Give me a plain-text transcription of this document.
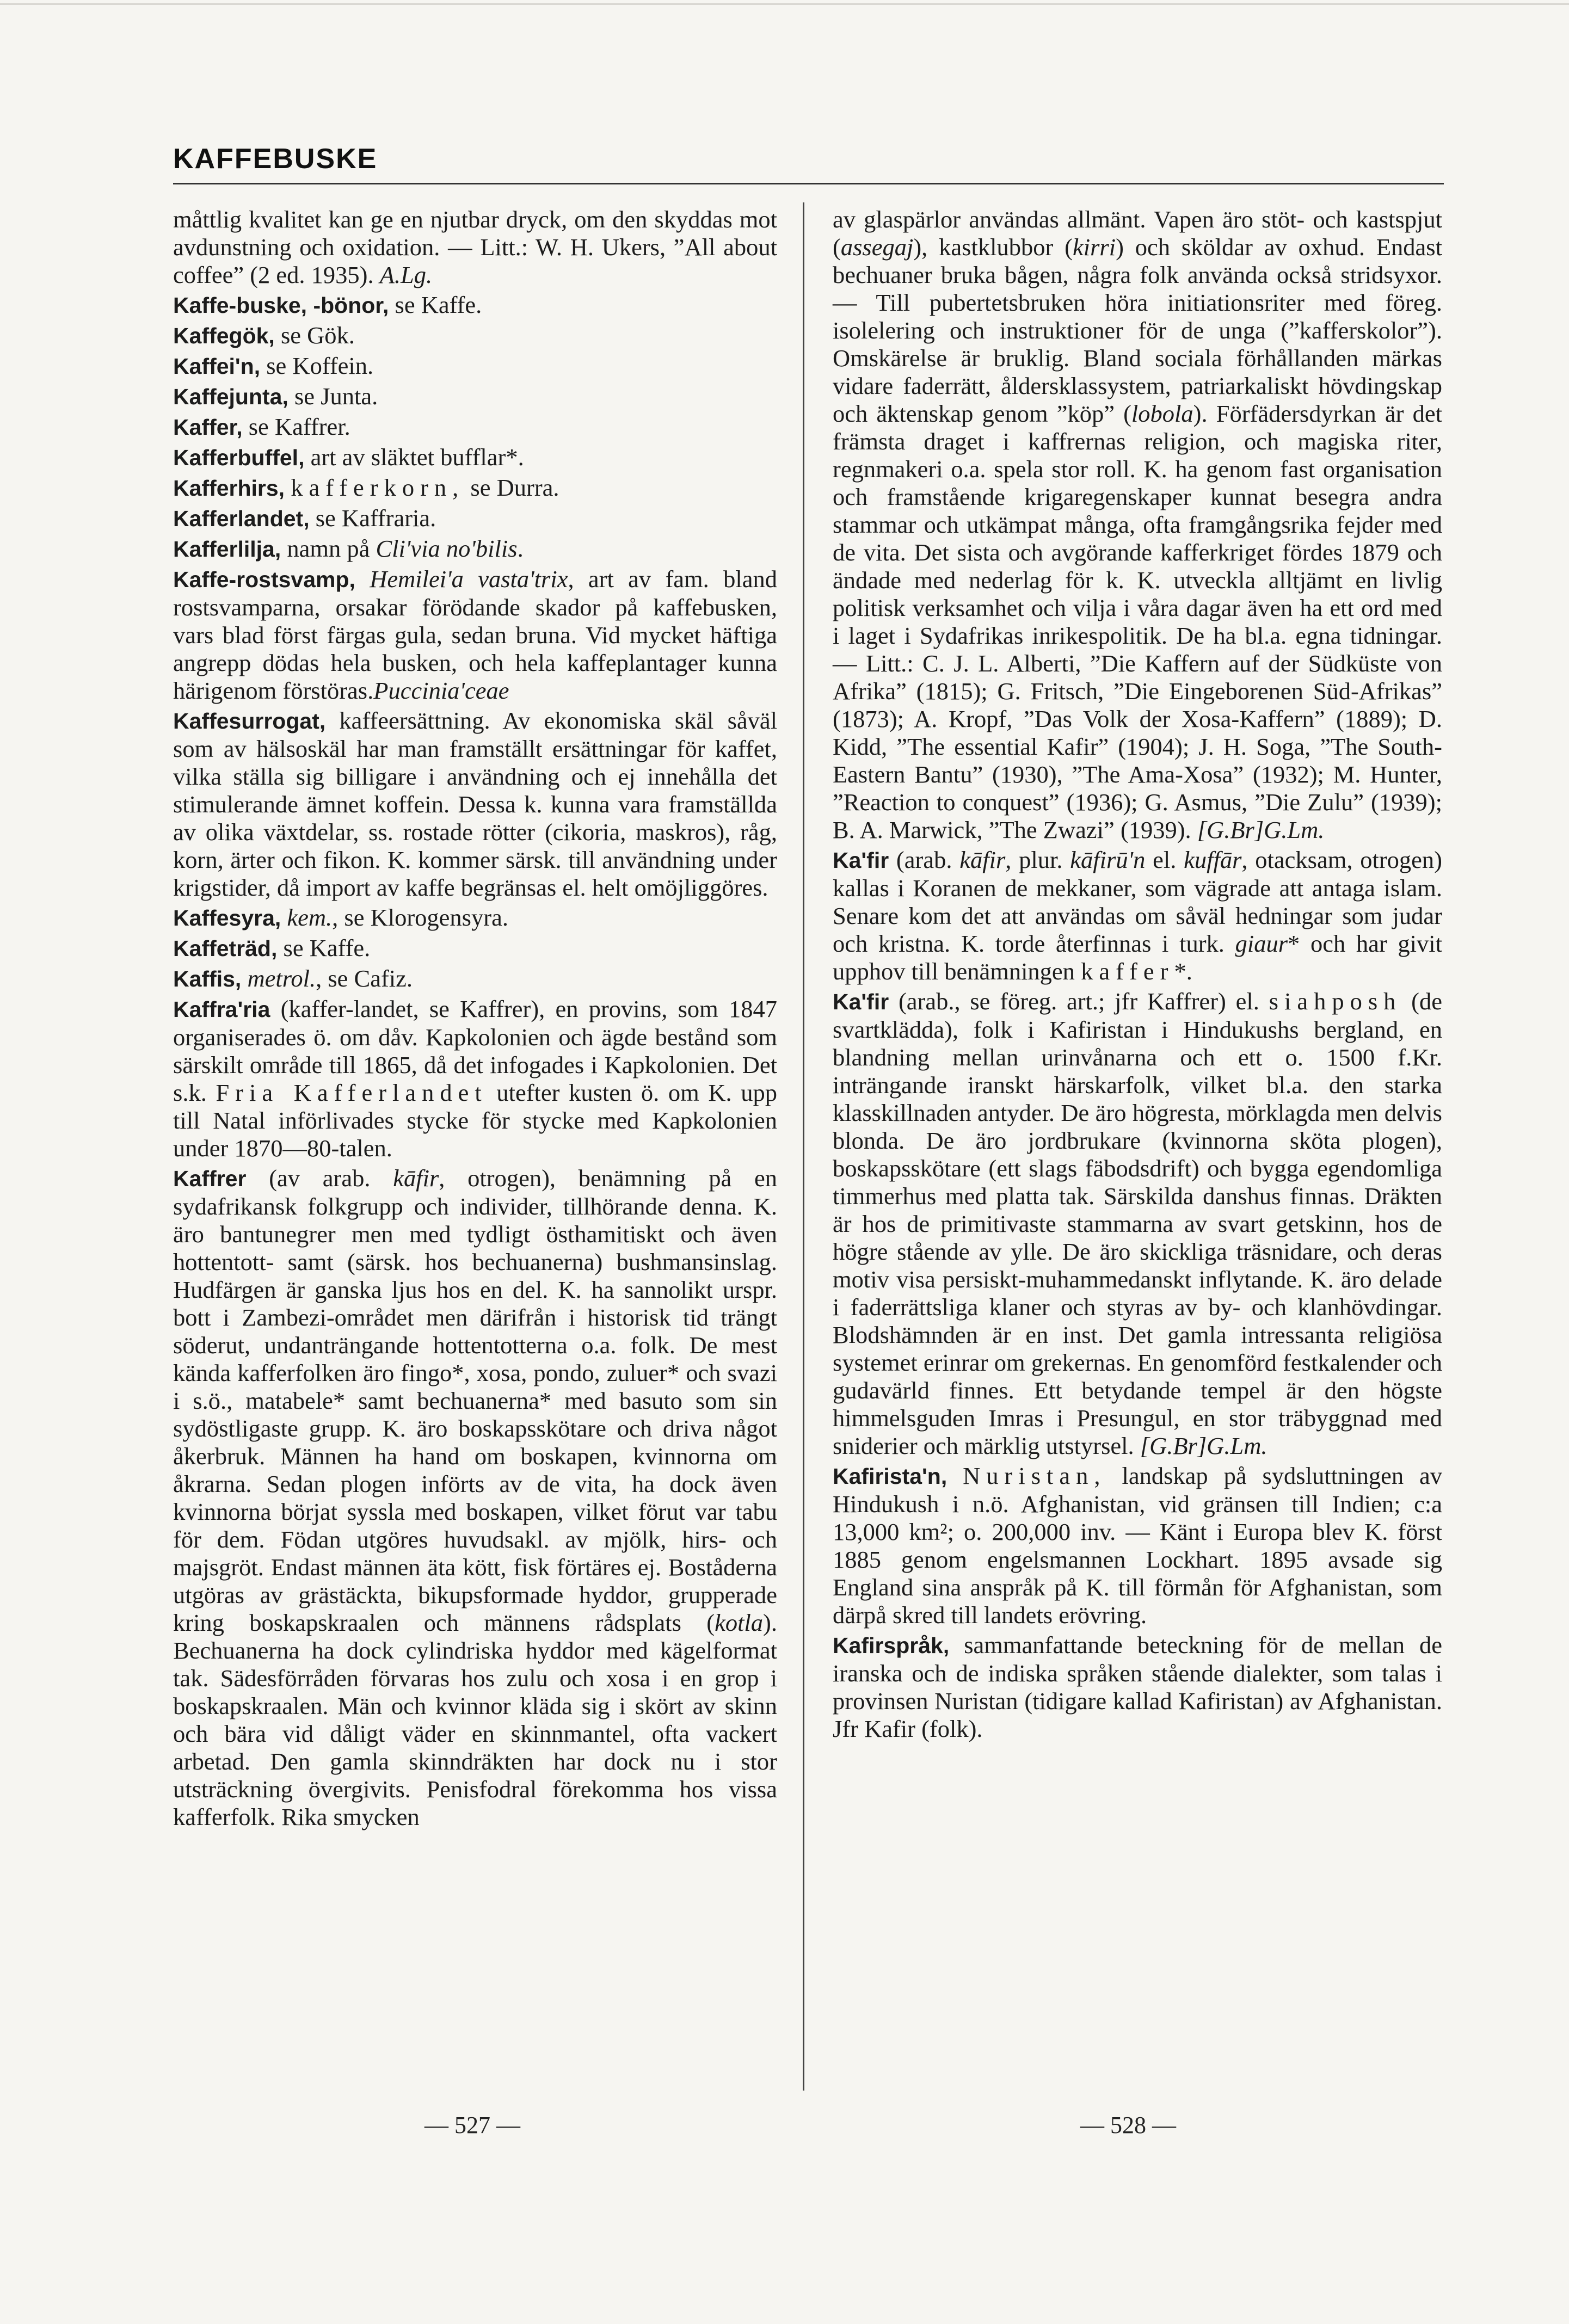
KAFFEBUSKE

måttlig kvalitet kan ge en njutbar dryck, om den skyddas mot avdunstning och oxidation. — Litt.: W. H. Ukers, ”All about coffee” (2 ed. 1935). A.Lg.

Kaffe-buske, -bönor, se Kaffe.

Kaffegök, se Gök.

Kaffei'n, se Koffein.

Kaffejunta, se Junta.

Kaffer, se Kaffrer.

Kafferbuffel, art av släktet bufflar*.

Kafferhirs, kafferkorn, se Durra.

Kafferlandet, se Kaffraria.

Kafferlilja, namn på Cli'via no'bilis.

Kaffe-rostsvamp, Hemilei'a vasta'trix, art av fam. bland rostsvamparna, orsakar förödande skador på kaffebusken, vars blad först färgas gula, sedan bruna. Vid mycket häftiga angrepp dödas hela busken, och hela kaffeplantager kunna härigenom förstöras.Puccinia'ceae

Kaffesurrogat, kaffeersättning. Av ekonomiska skäl såväl som av hälsoskäl har man framställt ersättningar för kaffet, vilka ställa sig billigare i användning och ej innehålla det stimulerande ämnet koffein. Dessa k. kunna vara framställda av olika växtdelar, ss. rostade rötter (cikoria, maskros), råg, korn, ärter och fikon. K. kommer särsk. till användning under krigstider, då import av kaffe begränsas el. helt omöjliggöres.

Kaffesyra, kem., se Klorogensyra.

Kaffeträd, se Kaffe.

Kaffis, metrol., se Cafiz.

Kaffra'ria (kaffer-landet, se Kaffrer), en provins, som 1847 organiserades ö. om dåv. Kapkolonien och ägde bestånd som särskilt område till 1865, då det infogades i Kapkolonien. Det s.k. Fria Kafferlandet utefter kusten ö. om K. upp till Natal införlivades stycke för stycke med Kapkolonien under 1870—80-talen.

Kaffrer (av arab. kāfir, otrogen), benämning på en sydafrikansk folkgrupp och individer, tillhörande denna. K. äro bantunegrer men med tydligt östhamitiskt och även hottentott- samt (särsk. hos bechuanerna) bushmansinslag. Hudfärgen är ganska ljus hos en del. K. ha sannolikt urspr. bott i Zambezi-området men därifrån i historisk tid trängt söderut, undanträngande hottentotterna o.a. folk. De mest kända kafferfolken äro fingo*, xosa, pondo, zuluer* och svazi i s.ö., matabele* samt bechuanerna* med basuto som sin sydöstligaste grupp. K. äro boskapsskötare och driva något åkerbruk. Männen ha hand om boskapen, kvinnorna om åkrarna. Sedan plogen införts av de vita, ha dock även kvinnorna börjat syssla med boskapen, vilket förut var tabu för dem. Födan utgöres huvudsakl. av mjölk, hirs- och majsgröt. Endast männen äta kött, fisk förtäres ej. Boståderna utgöras av grästäckta, bikupsformade hyddor, grupperade kring boskapskraalen och männens rådsplats (kotla). Bechuanerna ha dock cylindriska hyddor med kägelformat tak. Sädesförråden förvaras hos zulu och xosa i en grop i boskapskraalen. Män och kvinnor kläda sig i skört av skinn och bära vid dåligt väder en skinnmantel, ofta vackert arbetad. Den gamla skinndräkten har dock nu i stor utsträckning övergivits. Penisfodral förekomma hos vissa kafferfolk. Rika smycken

av glaspärlor användas allmänt. Vapen äro stöt- och kastspjut (assegaj), kastklubbor (kirri) och sköldar av oxhud. Endast bechuaner bruka bågen, några folk använda också stridsyxor. — Till pubertetsbruken höra initiationsriter med föreg. isolelering och instruktioner för de unga (”kafferskolor”). Omskärelse är bruklig. Bland sociala förhållanden märkas vidare faderrätt, åldersklassystem, patriarkaliskt hövdingskap och äktenskap genom ”köp” (lobola). Förfädersdyrkan är det främsta draget i kaffrernas religion, och magiska riter, regnmakeri o.a. spela stor roll. K. ha genom fast organisation och framstående krigaregenskaper kunnat besegra andra stammar och utkämpat många, ofta framgångsrika fejder med de vita. Det sista och avgörande kafferkriget fördes 1879 och ändade med nederlag för k. K. utveckla alltjämt en livlig politisk verksamhet och vilja i våra dagar även ha ett ord med i laget i Sydafrikas inrikespolitik. De ha bl.a. egna tidningar. — Litt.: C. J. L. Alberti, ”Die Kaffern auf der Südküste von Afrika” (1815); G. Fritsch, ”Die Eingeborenen Süd-Afrikas” (1873); A. Kropf, ”Das Volk der Xosa-Kaffern” (1889); D. Kidd, ”The essential Kafir” (1904); J. H. Soga, ”The South-Eastern Bantu” (1930), ”The Ama-Xosa” (1932); M. Hunter, ”Reaction to conquest” (1936); G. Asmus, ”Die Zulu” (1939); B. A. Marwick, ”The Zwazi” (1939). [G.Br]G.Lm.

Ka'fir (arab. kāfir, plur. kāfirū'n el. kuffār, otacksam, otrogen) kallas i Koranen de mekkaner, som vägrade att antaga islam. Senare kom det att användas om såväl hedningar som judar och kristna. K. torde återfinnas i turk. giaur* och har givit upphov till benämningen kaffer*.

Ka'fir (arab., se föreg. art.; jfr Kaffrer) el. siahposh (de svartklädda), folk i Kafiristan i Hindukushs bergland, en blandning mellan urinvånarna och ett o. 1500 f.Kr. inträngande iranskt härskarfolk, vilket bl.a. den starka klasskillnaden antyder. De äro högresta, mörklagda men delvis blonda. De äro jordbrukare (kvinnorna sköta plogen), boskapsskötare (ett slags fäbodsdrift) och bygga egendomliga timmerhus med platta tak. Särskilda danshus finnas. Dräkten är hos de primitivaste stammarna av svart getskinn, hos de högre stående av ylle. De äro skickliga träsnidare, och deras motiv visa persiskt-muhammedanskt inflytande. K. äro delade i faderrättsliga klaner och styras av by- och klanhövdingar. Blodshämnden är en inst. Det gamla intressanta religiösa systemet erinrar om grekernas. En genomförd festkalender och gudavärld finnes. Ett betydande tempel är den högste himmelsguden Imras i Presungul, en stor träbyggnad med sniderier och märklig utstyrsel. [G.Br]G.Lm.

Kafirista'n, Nuristan, landskap på sydsluttningen av Hindukush i n.ö. Afghanistan, vid gränsen till Indien; c:a 13,000 km²; o. 200,000 inv. — Känt i Europa blev K. först 1885 genom engelsmannen Lockhart. 1895 avsade sig England sina anspråk på K. till förmån för Afghanistan, som därpå skred till landets erövring.

Kafirspråk, sammanfattande beteckning för de mellan de iranska och de indiska språken stående dialekter, som talas i provinsen Nuristan (tidigare kallad Kafiristan) av Afghanistan. Jfr Kafir (folk).

— 527 —	— 528 —
